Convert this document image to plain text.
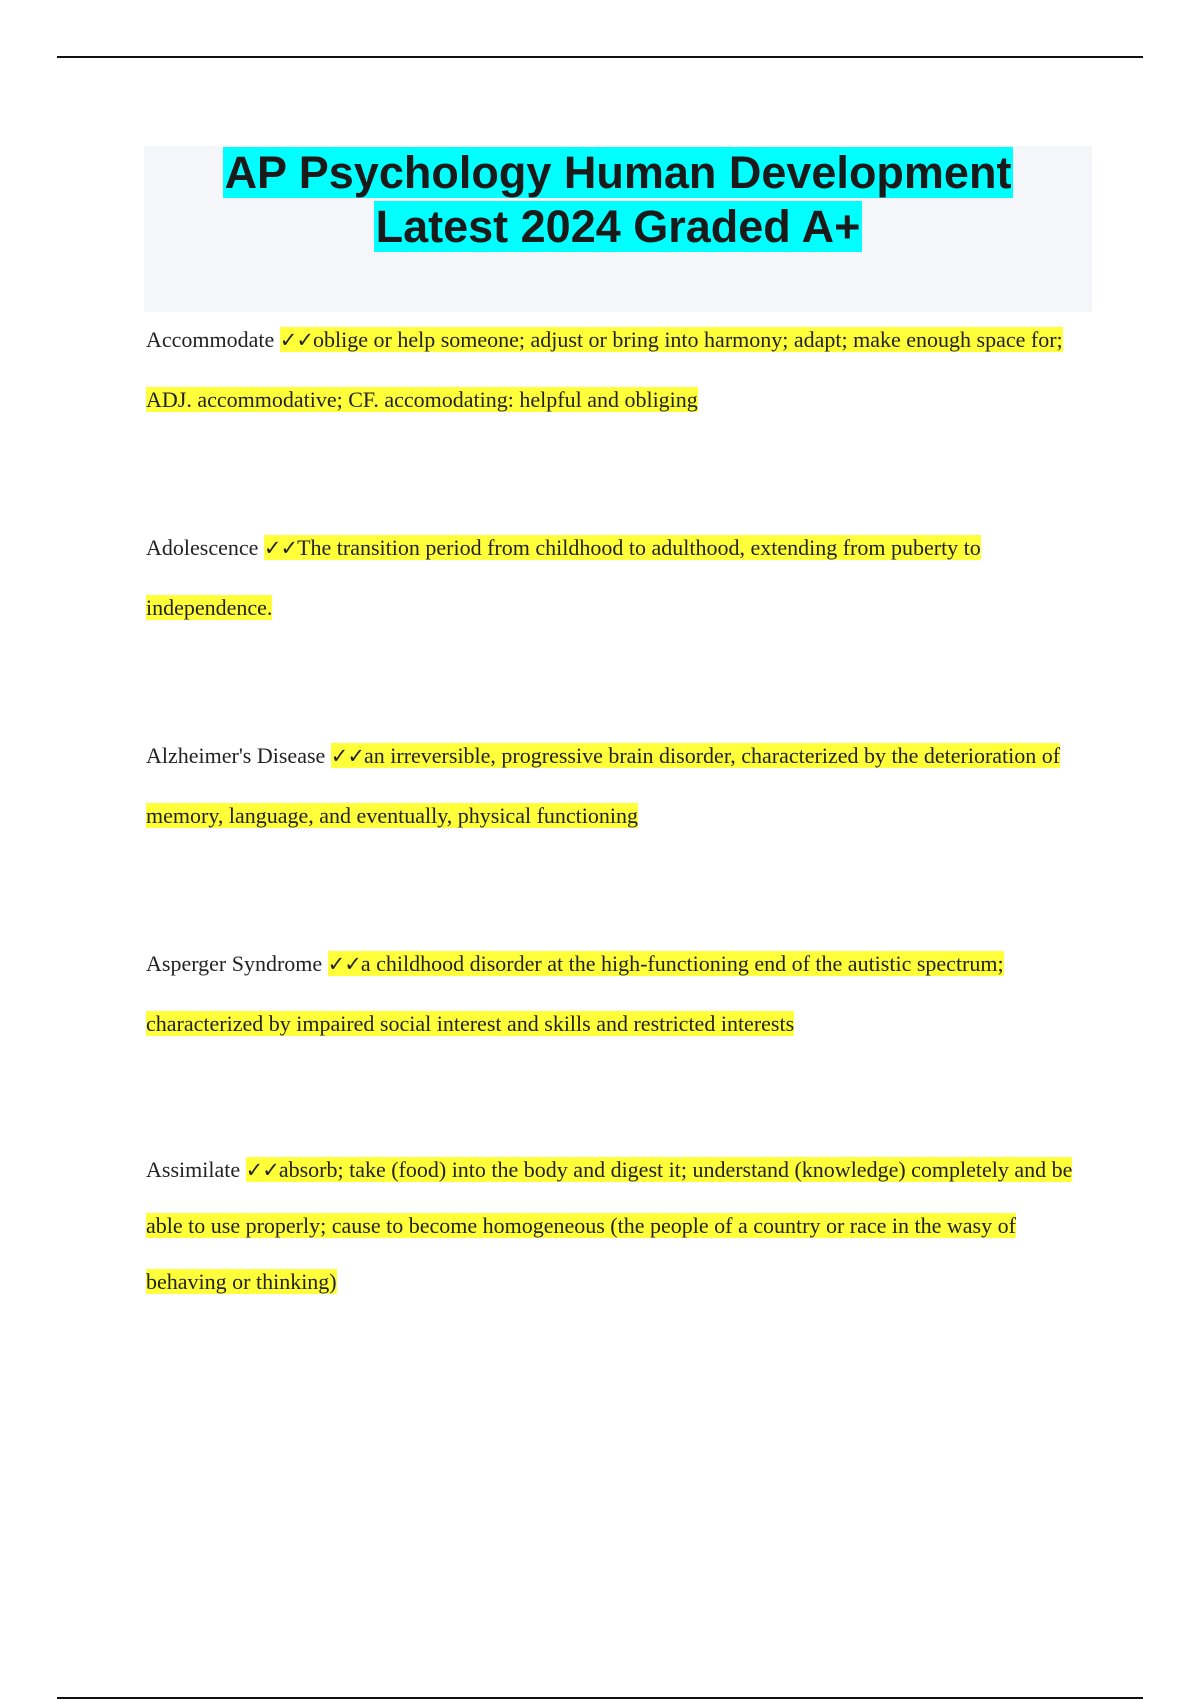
AP Psychology Human Development
Latest 2024 Graded A+
Accommodate ✓✓oblige or help someone; adjust or bring into harmony; adapt; make enough space for; ADJ. accommodative; CF. accomodating: helpful and obliging
Adolescence ✓✓The transition period from childhood to adulthood, extending from puberty to independence.
Alzheimer's Disease ✓✓an irreversible, progressive brain disorder, characterized by the deterioration of memory, language, and eventually, physical functioning
Asperger Syndrome ✓✓a childhood disorder at the high-functioning end of the autistic spectrum; characterized by impaired social interest and skills and restricted interests
Assimilate ✓✓absorb; take (food) into the body and digest it; understand (knowledge) completely and be able to use properly; cause to become homogeneous (the people of a country or race in the wasy of behaving or thinking)
